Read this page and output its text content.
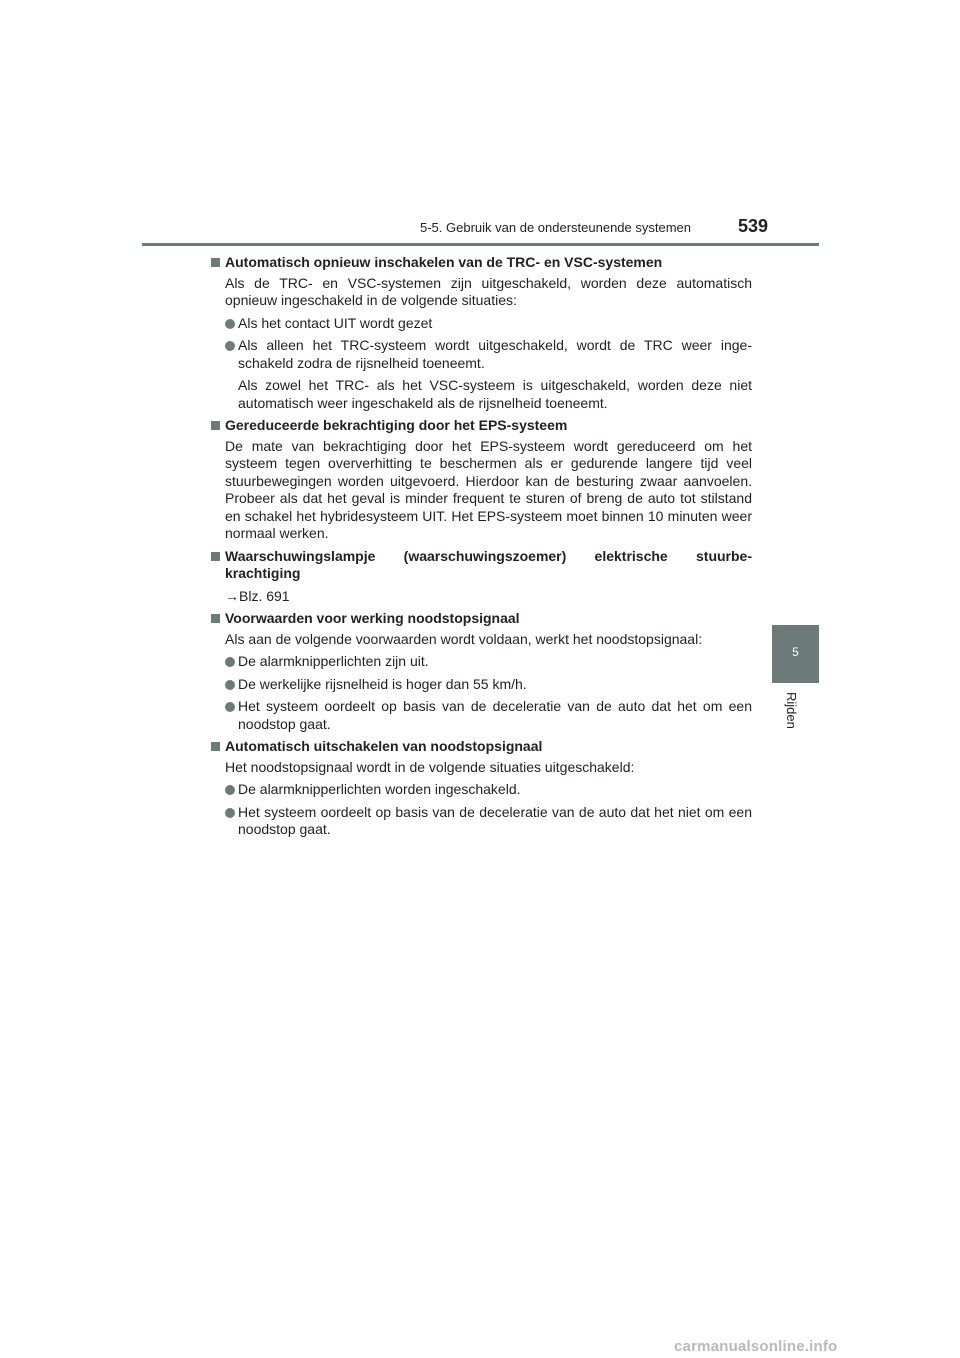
5-5. Gebruik van de ondersteunende systemen	539
5
Rijden
Automatisch opnieuw inschakelen van de TRC- en VSC-systemen
Als de TRC- en VSC-systemen zijn uitgeschakeld, worden deze automatisch opnieuw ingeschakeld in de volgende situaties:
Als het contact UIT wordt gezet
Als alleen het TRC-systeem wordt uitgeschakeld, wordt de TRC weer inge-schakeld zodra de rijsnelheid toeneemt.
Als zowel het TRC- als het VSC-systeem is uitgeschakeld, worden deze niet automatisch weer ingeschakeld als de rijsnelheid toeneemt.
Gereduceerde bekrachtiging door het EPS-systeem
De mate van bekrachtiging door het EPS-systeem wordt gereduceerd om het systeem tegen oververhitting te beschermen als er gedurende langere tijd veel stuurbewegingen worden uitgevoerd. Hierdoor kan de besturing zwaar aanvoelen. Probeer als dat het geval is minder frequent te sturen of breng de auto tot stilstand en schakel het hybridesysteem UIT. Het EPS-systeem moet binnen 10 minuten weer normaal werken.
Waarschuwingslampje (waarschuwingszoemer) elektrische stuurbe-krachtiging
→Blz. 691
Voorwaarden voor werking noodstopsignaal
Als aan de volgende voorwaarden wordt voldaan, werkt het noodstopsignaal:
De alarmknipperlichten zijn uit.
De werkelijke rijsnelheid is hoger dan 55 km/h.
Het systeem oordeelt op basis van de deceleratie van de auto dat het om een noodstop gaat.
Automatisch uitschakelen van noodstopsignaal
Het noodstopsignaal wordt in de volgende situaties uitgeschakeld:
De alarmknipperlichten worden ingeschakeld.
Het systeem oordeelt op basis van de deceleratie van de auto dat het niet om een noodstop gaat.
carmanualsonline.info
